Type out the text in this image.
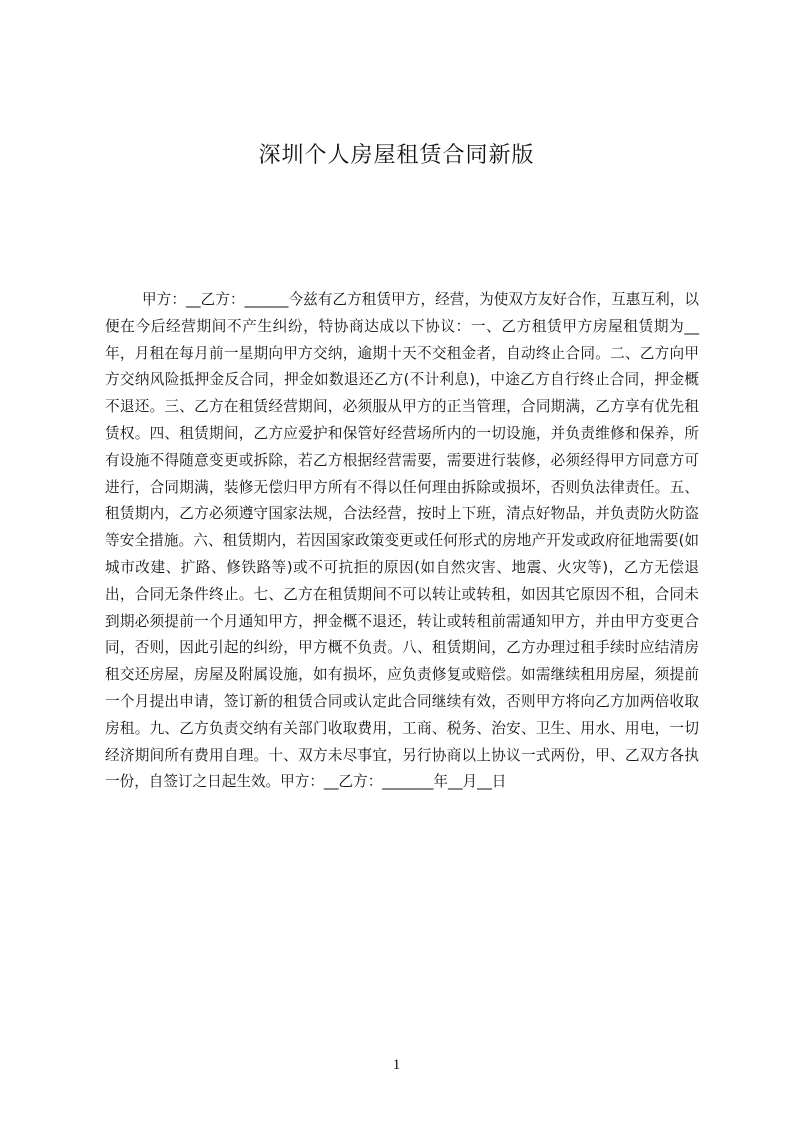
深圳个人房屋租赁合同新版

甲方：__乙方：______今兹有乙方租赁甲方，经营，为使双方友好合作，互惠互利，以便在今后经营期间不产生纠纷，特协商达成以下协议：一、乙方租赁甲方房屋租赁期为__年，月租在每月前一星期向甲方交纳，逾期十天不交租金者，自动终止合同。二、乙方向甲方交纳风险抵押金反合同，押金如数退还乙方(不计利息)，中途乙方自行终止合同，押金概不退还。三、乙方在租赁经营期间，必须服从甲方的正当管理，合同期满，乙方享有优先租赁权。四、租赁期间，乙方应爱护和保管好经营场所内的一切设施，并负责维修和保养，所有设施不得随意变更或拆除，若乙方根据经营需要，需要进行装修，必须经得甲方同意方可进行，合同期满，装修无偿归甲方所有不得以任何理由拆除或损坏，否则负法律责任。五、租赁期内，乙方必须遵守国家法规，合法经营，按时上下班，清点好物品，并负责防火防盗等安全措施。六、租赁期内，若因国家政策变更或任何形式的房地产开发或政府征地需要(如城市改建、扩路、修铁路等)或不可抗拒的原因(如自然灾害、地震、火灾等)，乙方无偿退出，合同无条件终止。七、乙方在租赁期间不可以转让或转租，如因其它原因不租，合同未到期必须提前一个月通知甲方，押金概不退还，转让或转租前需通知甲方，并由甲方变更合同，否则，因此引起的纠纷，甲方概不负责。八、租赁期间，乙方办理过租手续时应结清房租交还房屋，房屋及附属设施，如有损坏，应负责修复或赔偿。如需继续租用房屋，须提前一个月提出申请，签订新的租赁合同或认定此合同继续有效，否则甲方将向乙方加两倍收取房租。九、乙方负责交纳有关部门收取费用，工商、税务、治安、卫生、用水、用电，一切经济期间所有费用自理。十、双方未尽事宜，另行协商以上协议一式两份，甲、乙双方各执一份，自签订之日起生效。甲方：__乙方：_______年__月__日

1
